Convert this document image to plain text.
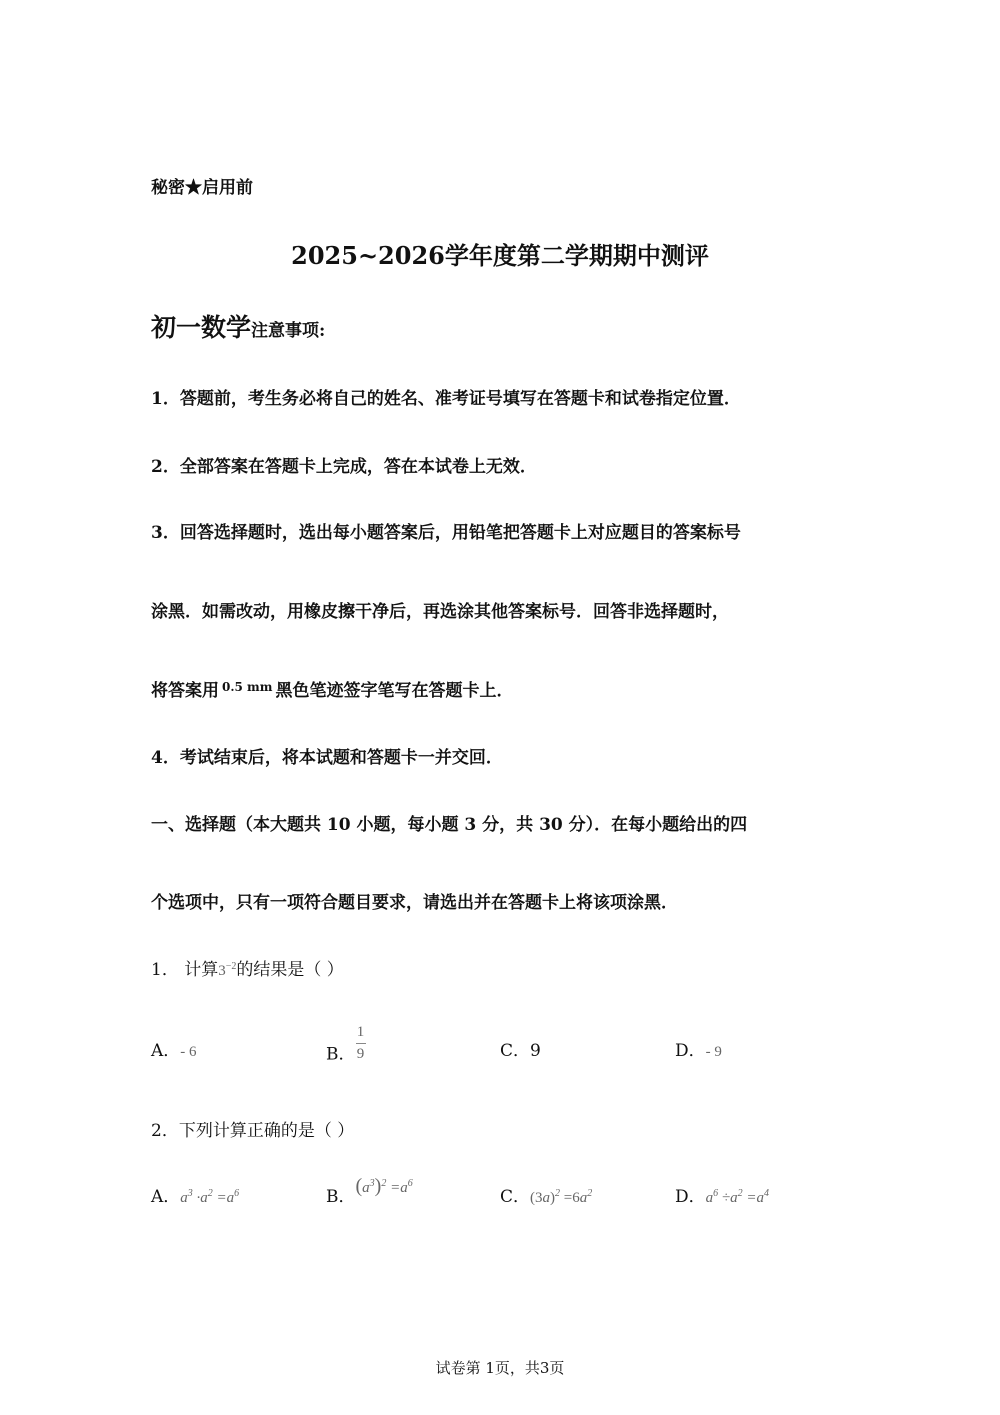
秘密★启用前
2025~2026学年度第二学期期中测评
初一数学注意事项:
1．答题前，考生务必将自己的姓名、准考证号填写在答题卡和试卷指定位置．
2．全部答案在答题卡上完成，答在本试卷上无效．
3．回答选择题时，选出每小题答案后，用铅笔把答题卡上对应题目的答案标号
涂黑．如需改动，用橡皮擦干净后，再选涂其他答案标号．回答非选择题时，
将答案用 $^{0.5 mm}$ 黑色笔迹签字笔写在答题卡上．
4．考试结束后，将本试题和答题卡一并交回．
一、选择题（本大题共 10 小题，每小题 3 分，共 30 分）．在每小题给出的四
个选项中，只有一项符合题目要求，请选出并在答题卡上将该项涂黑．
1． 计算$3^{-2}$的结果是（ ）
A．- 6	B． $\frac{1}{9}$	C．9	D．- 9
2．下列计算正确的是（ ）
A．$a^3 \cdot a^2 =a^6$	B．$(a^3)^2 =a^6$
C．$(3a)^2 =6a^2$	D．$a^6 \div a^2 =a^4$
试卷第 1页，共3页
